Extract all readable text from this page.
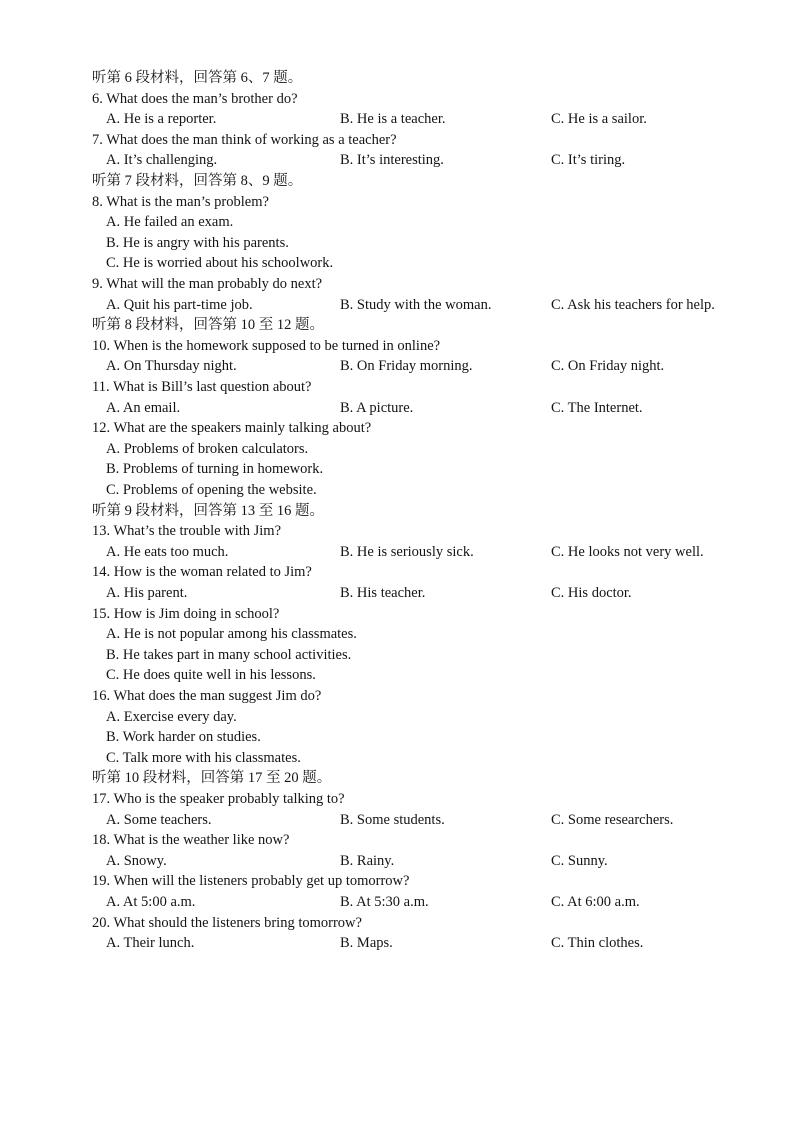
听第 6 段材料，回答第 6、7 题。
6. What does the man’s brother do?
A. He is a reporter.	B. He is a teacher.	C. He is a sailor.
7. What does the man think of working as a teacher?
A. It’s challenging.	B. It’s interesting.	C. It’s tiring.
听第 7 段材料，回答第 8、9 题。
8. What is the man’s problem?
A. He failed an exam.
B. He is angry with his parents.
C. He is worried about his schoolwork.
9. What will the man probably do next?
A. Quit his part-time job.	B. Study with the woman.	C. Ask his teachers for help.
听第 8 段材料，回答第 10 至 12 题。
10. When is the homework supposed to be turned in online?
A. On Thursday night.	B. On Friday morning.	C. On Friday night.
11. What is Bill’s last question about?
A. An email.	B. A picture.	C. The Internet.
12. What are the speakers mainly talking about?
A. Problems of broken calculators.
B. Problems of turning in homework.
C. Problems of opening the website.
听第 9 段材料，回答第 13 至 16 题。
13. What’s the trouble with Jim?
A. He eats too much.	B. He is seriously sick.	C. He looks not very well.
14. How is the woman related to Jim?
A. His parent.	B. His teacher.	C. His doctor.
15. How is Jim doing in school?
A. He is not popular among his classmates.
B. He takes part in many school activities.
C. He does quite well in his lessons.
16. What does the man suggest Jim do?
A. Exercise every day.
B. Work harder on studies.
C. Talk more with his classmates.
听第 10 段材料，回答第 17 至 20 题。
17. Who is the speaker probably talking to?
A. Some teachers.	B. Some students.	C. Some researchers.
18. What is the weather like now?
A. Snowy.	B. Rainy.	C. Sunny.
19. When will the listeners probably get up tomorrow?
A. At 5:00 a.m.	B. At 5:30 a.m.	C. At 6:00 a.m.
20. What should the listeners bring tomorrow?
A. Their lunch.	B. Maps.	C. Thin clothes.
